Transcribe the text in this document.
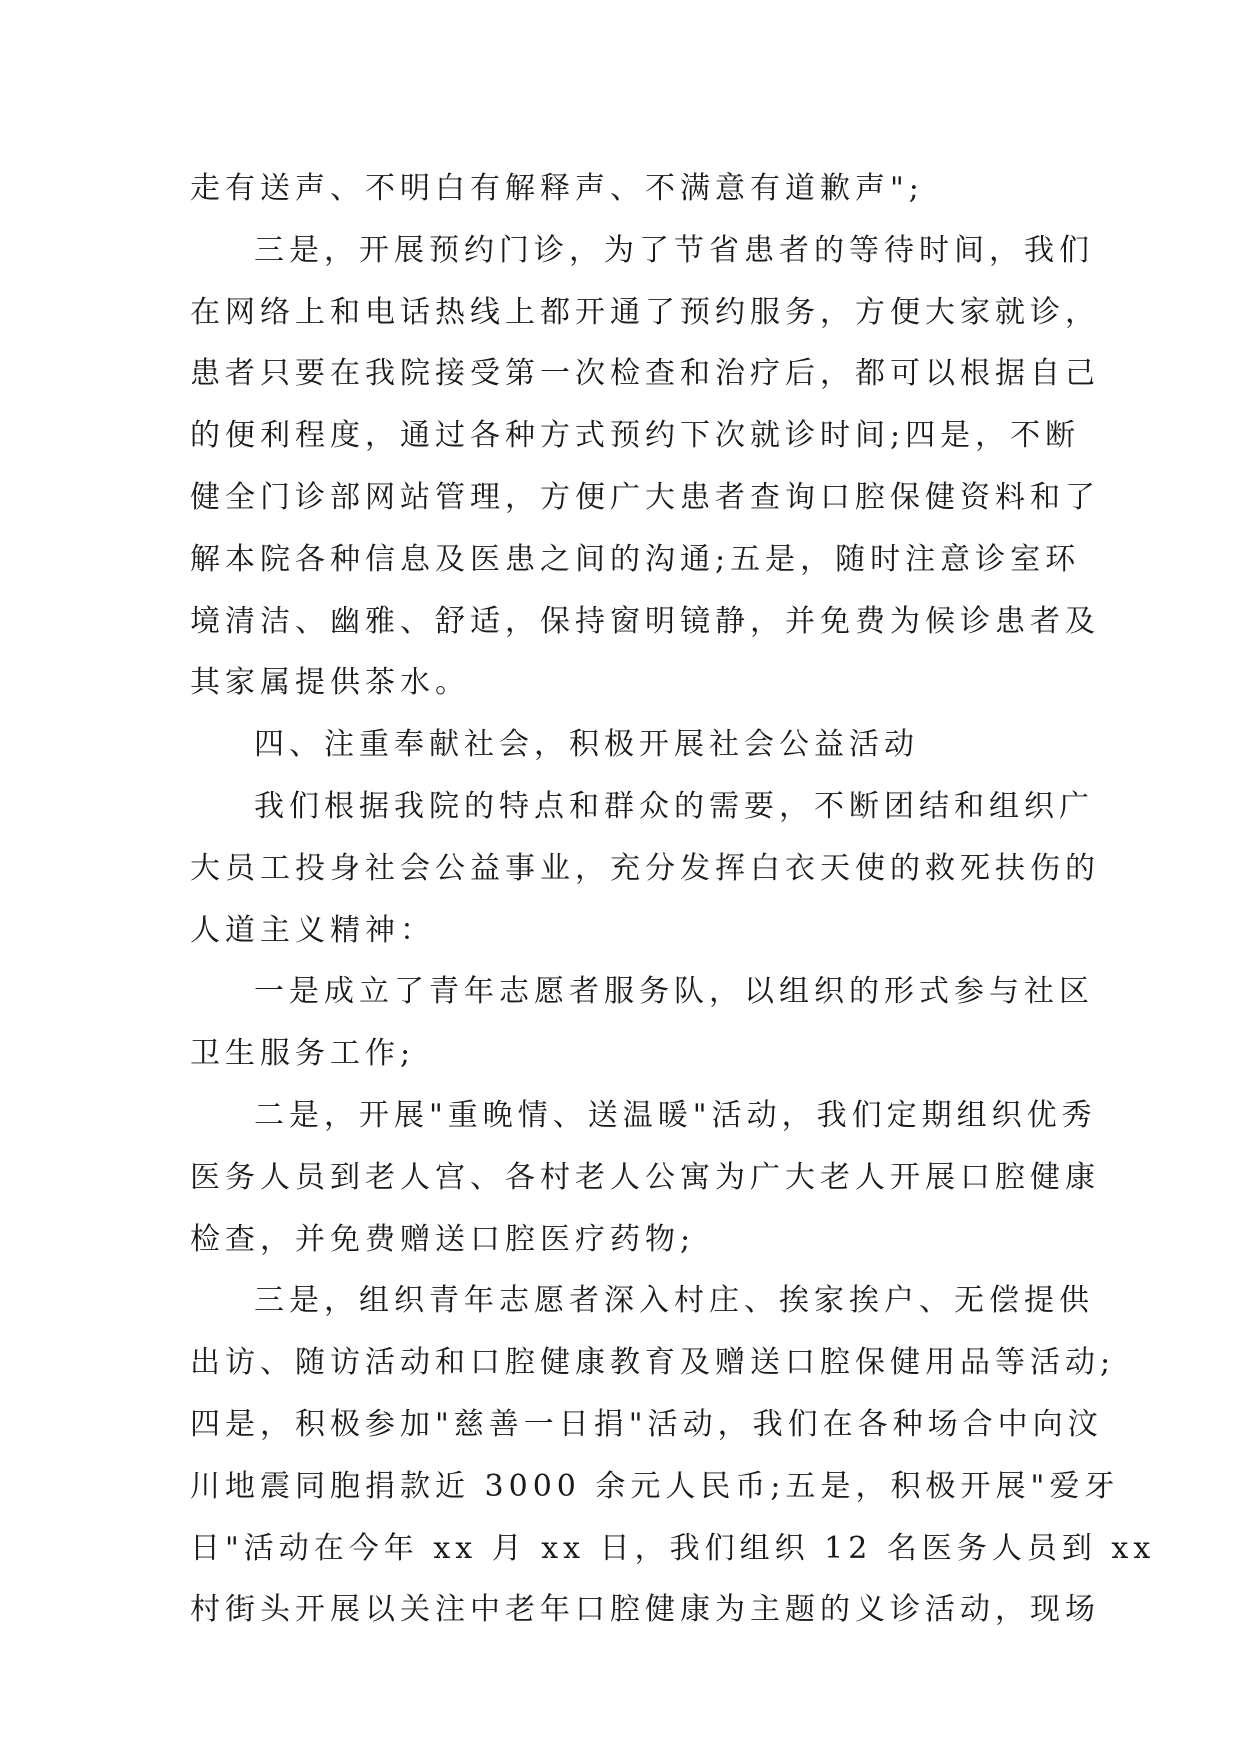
走有送声、不明白有解释声、不满意有道歉声";
三是，开展预约门诊，为了节省患者的等待时间，我们
在网络上和电话热线上都开通了预约服务，方便大家就诊，
患者只要在我院接受第一次检查和治疗后，都可以根据自己
的便利程度，通过各种方式预约下次就诊时间;四是，不断
健全门诊部网站管理，方便广大患者查询口腔保健资料和了
解本院各种信息及医患之间的沟通;五是，随时注意诊室环
境清洁、幽雅、舒适，保持窗明镜静，并免费为候诊患者及
其家属提供茶水。
四、注重奉献社会，积极开展社会公益活动
我们根据我院的特点和群众的需要，不断团结和组织广
大员工投身社会公益事业，充分发挥白衣天使的救死扶伤的
人道主义精神：
一是成立了青年志愿者服务队，以组织的形式参与社区
卫生服务工作;
二是，开展"重晚情、送温暖"活动，我们定期组织优秀
医务人员到老人宫、各村老人公寓为广大老人开展口腔健康
检查，并免费赠送口腔医疗药物;
三是，组织青年志愿者深入村庄、挨家挨户、无偿提供
出访、随访活动和口腔健康教育及赠送口腔保健用品等活动;
四是，积极参加"慈善一日捐"活动，我们在各种场合中向汶
川地震同胞捐款近 3000 余元人民币;五是，积极开展"爱牙
日"活动在今年 xx 月 xx 日，我们组织 12 名医务人员到 xx
村街头开展以关注中老年口腔健康为主题的义诊活动，现场
